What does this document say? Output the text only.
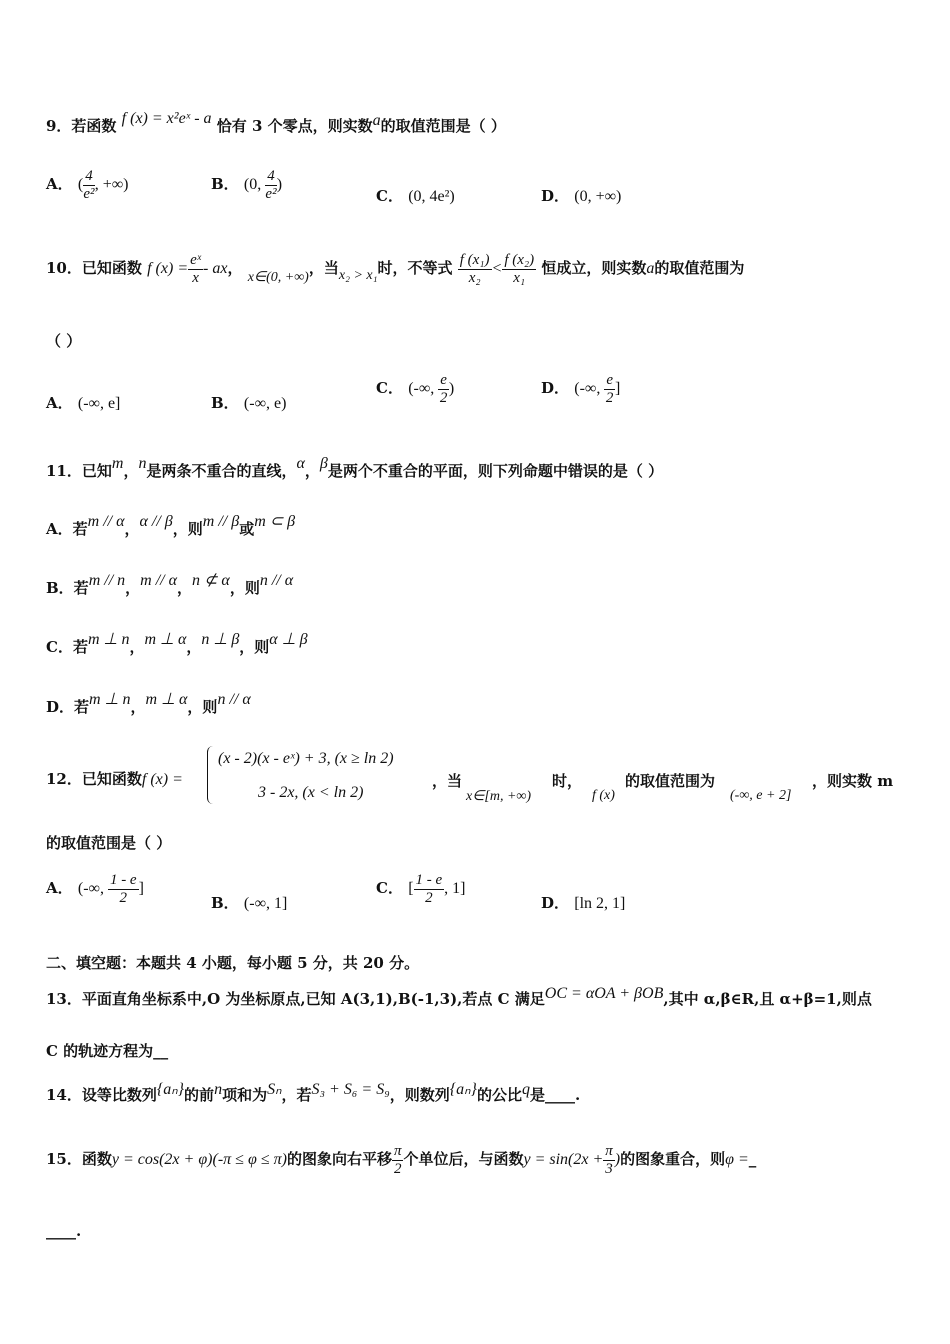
9．若函数 f (x) = x²eˣ - a 恰有 3 个零点，则实数a的取值范围是（ ）
A． ( $\frac{4}{\text{e²}}$ , +∞)	B． (0, $\frac{4}{\text{e²}}$ )
C． (0, 4e²)	D． (0, +∞)
10．已知函数 f $(x) = \frac{\text{eˣ}}{x}$ - ax， x∈(0, +∞)，当x₂ > x₁时，不等式 $\frac{\text{f (x₁)}}{\text{x₂}} < \frac{\text{f (x₂)}}{\text{x₁}}$ 恒成立，则实数a的取值范围为
（ ）
A． (-∞, e]	B． (-∞, e)
C． (-∞, $\frac{e}{2}$ )	D． (-∞, $\frac{e}{2}$ ]
11．已知m，n是两条不重合的直线，α，β是两个不重合的平面，则下列命题中错误的是（ ）
A．若m // α，α // β，则m // β或m ⊂ β
B．若m // n，m // α，n ⊄ α，则n // α
C．若m ⊥ n，m ⊥ α，n ⊥ β，则α ⊥ β
D．若m ⊥ n，m ⊥ α，则n // α
12．已知函数f (x) =
(x - 2)(x - eˣ) + 3, (x ≥ ln 2)
3 - 2x, (x < ln 2)
，当
x∈[m, +∞)
时，
f (x)
的取值范围为
(-∞, e + 2]
，则实数 m
的取值范围是（ ）
A． (-∞, $\frac{1 - e}{2}$ ]
B． (-∞, 1]
C． [ $\frac{1 - e}{2}$ , 1]
D． [ln 2, 1]
二、填空题：本题共 4 小题，每小题 5 分，共 20 分。
13．平面直角坐标系中,O 为坐标原点,已知 A(3,1),B(-1,3),若点 C 满足OC = αOA + βOB,其中 α,β∈R,且 α+β=1,则点
C 的轨迹方程为__
14．设等比数列{aₙ}的前n项和为Sₙ，若S₃ + S₆ = S₉，则数列{aₙ}的公比q是____.
15．函数y = cos(2x + φ)(-π ≤ φ ≤ π)的图象向右平移 $\frac{\pi}{2}$ 个单位后，与函数$y = \sin(2x + \frac{\pi}{3}$ )的图象重合，则φ =_
____.
